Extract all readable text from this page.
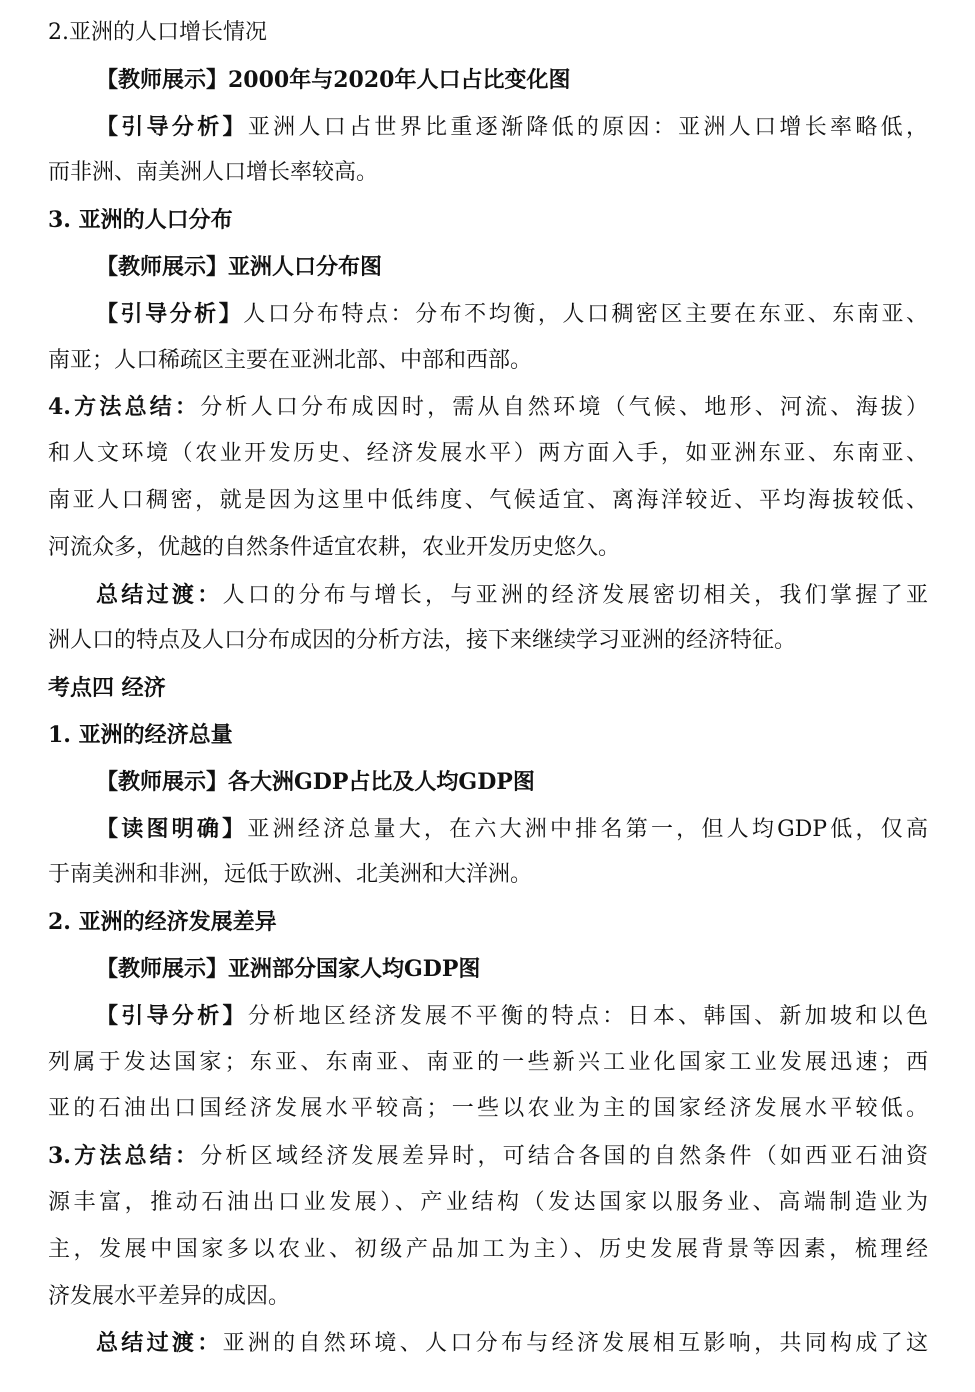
2.亚洲的人口增长情况
【教师展示】2000年与2020年人口占比变化图
【引导分析】亚洲人口占世界比重逐渐降低的原因：亚洲人口增长率略低，
而非洲、南美洲人口增长率较高。
3. 亚洲的人口分布
【教师展示】亚洲人口分布图
【引导分析】人口分布特点：分布不均衡，人口稠密区主要在东亚、东南亚、
南亚；人口稀疏区主要在亚洲北部、中部和西部。
4.方法总结：分析人口分布成因时，需从自然环境（气候、地形、河流、海拔）
和人文环境（农业开发历史、经济发展水平）两方面入手，如亚洲东亚、东南亚、
南亚人口稠密，就是因为这里中低纬度、气候适宜、离海洋较近、平均海拔较低、
河流众多，优越的自然条件适宜农耕，农业开发历史悠久。
总结过渡：人口的分布与增长，与亚洲的经济发展密切相关，我们掌握了亚
洲人口的特点及人口分布成因的分析方法，接下来继续学习亚洲的经济特征。
考点四 经济
1. 亚洲的经济总量
【教师展示】各大洲GDP占比及人均GDP图
【读图明确】亚洲经济总量大，在六大洲中排名第一，但人均GDP低，仅高
于南美洲和非洲，远低于欧洲、北美洲和大洋洲。
2. 亚洲的经济发展差异
【教师展示】亚洲部分国家人均GDP图
【引导分析】分析地区经济发展不平衡的特点：日本、韩国、新加坡和以色
列属于发达国家；东亚、东南亚、南亚的一些新兴工业化国家工业发展迅速；西
亚的石油出口国经济发展水平较高；一些以农业为主的国家经济发展水平较低。
3.方法总结：分析区域经济发展差异时，可结合各国的自然条件（如西亚石油资
源丰富，推动石油出口业发展）、产业结构（发达国家以服务业、高端制造业为
主，发展中国家多以农业、初级产品加工为主）、历史发展背景等因素，梳理经
济发展水平差异的成因。
总结过渡：亚洲的自然环境、人口分布与经济发展相互影响，共同构成了这
